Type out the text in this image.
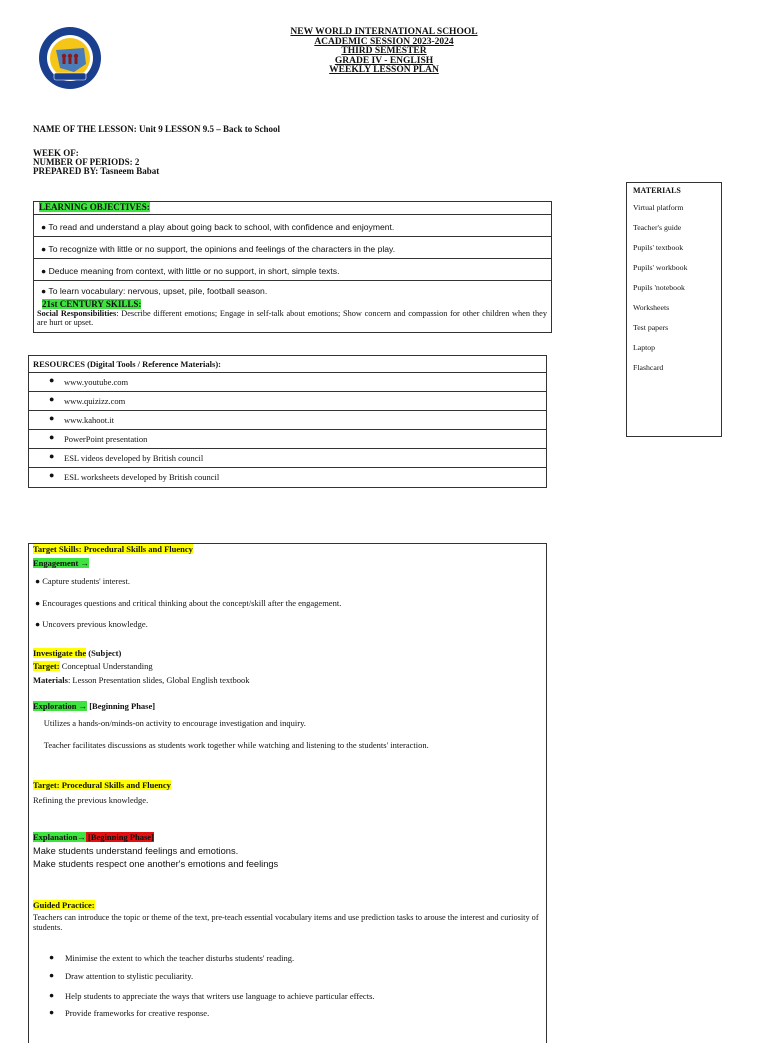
NEW WORLD INTERNATIONAL SCHOOL
ACADEMIC SESSION 2023-2024
THIRD SEMESTER
GRADE IV - ENGLISH
WEEKLY LESSON PLAN
NAME OF THE LESSON: Unit 9 LESSON 9.5 – Back to School
WEEK OF:
NUMBER OF PERIODS: 2
PREPARED BY: Tasneem Babat
LEARNING OBJECTIVES:
● To read and understand a play about going back to school, with confidence and enjoyment.
● To recognize with little or no support, the opinions and feelings of the characters in the play.
● Deduce meaning from context, with little or no support, in short, simple texts.
● To learn vocabulary: nervous, upset, pile, football season.
21st CENTURY SKILLS:
Social Responsibilities: Describe different emotions; Engage in self-talk about emotions; Show concern and compassion for other children when they are hurt or upset.
RESOURCES (Digital Tools / Reference Materials):
● www.youtube.com
● www.quizizz.com
● www.kahoot.it
● PowerPoint presentation
● ESL videos developed by British council
● ESL worksheets developed by British council
MATERIALS
Virtual platform
Teacher's guide
Pupils' textbook
Pupils' workbook
Pupils 'notebook
Worksheets
Test papers
Laptop
Flashcard
Target Skills: Procedural Skills and Fluency
Engagement →
● Capture students' interest.
● Encourages questions and critical thinking about the concept/skill after the engagement.
● Uncovers previous knowledge.
Investigate the (Subject)
Target: Conceptual Understanding
Materials: Lesson Presentation slides, Global English textbook
Exploration → [Beginning Phase]
Utilizes a hands-on/minds-on activity to encourage investigation and inquiry.
Teacher facilitates discussions as students work together while watching and listening to the students' interaction.
Target: Procedural Skills and Fluency
Refining the previous knowledge.
Explanation→ [Beginning Phase]
Make students understand feelings and emotions.
Make students respect one another's emotions and feelings
Guided Practice:
Teachers can introduce the topic or theme of the text, pre-teach essential vocabulary items and use prediction tasks to arouse the interest and curiosity of students.
● Minimise the extent to which the teacher disturbs students' reading.
● Draw attention to stylistic peculiarity.
● Help students to appreciate the ways that writers use language to achieve particular effects.
● Provide frameworks for creative response.
